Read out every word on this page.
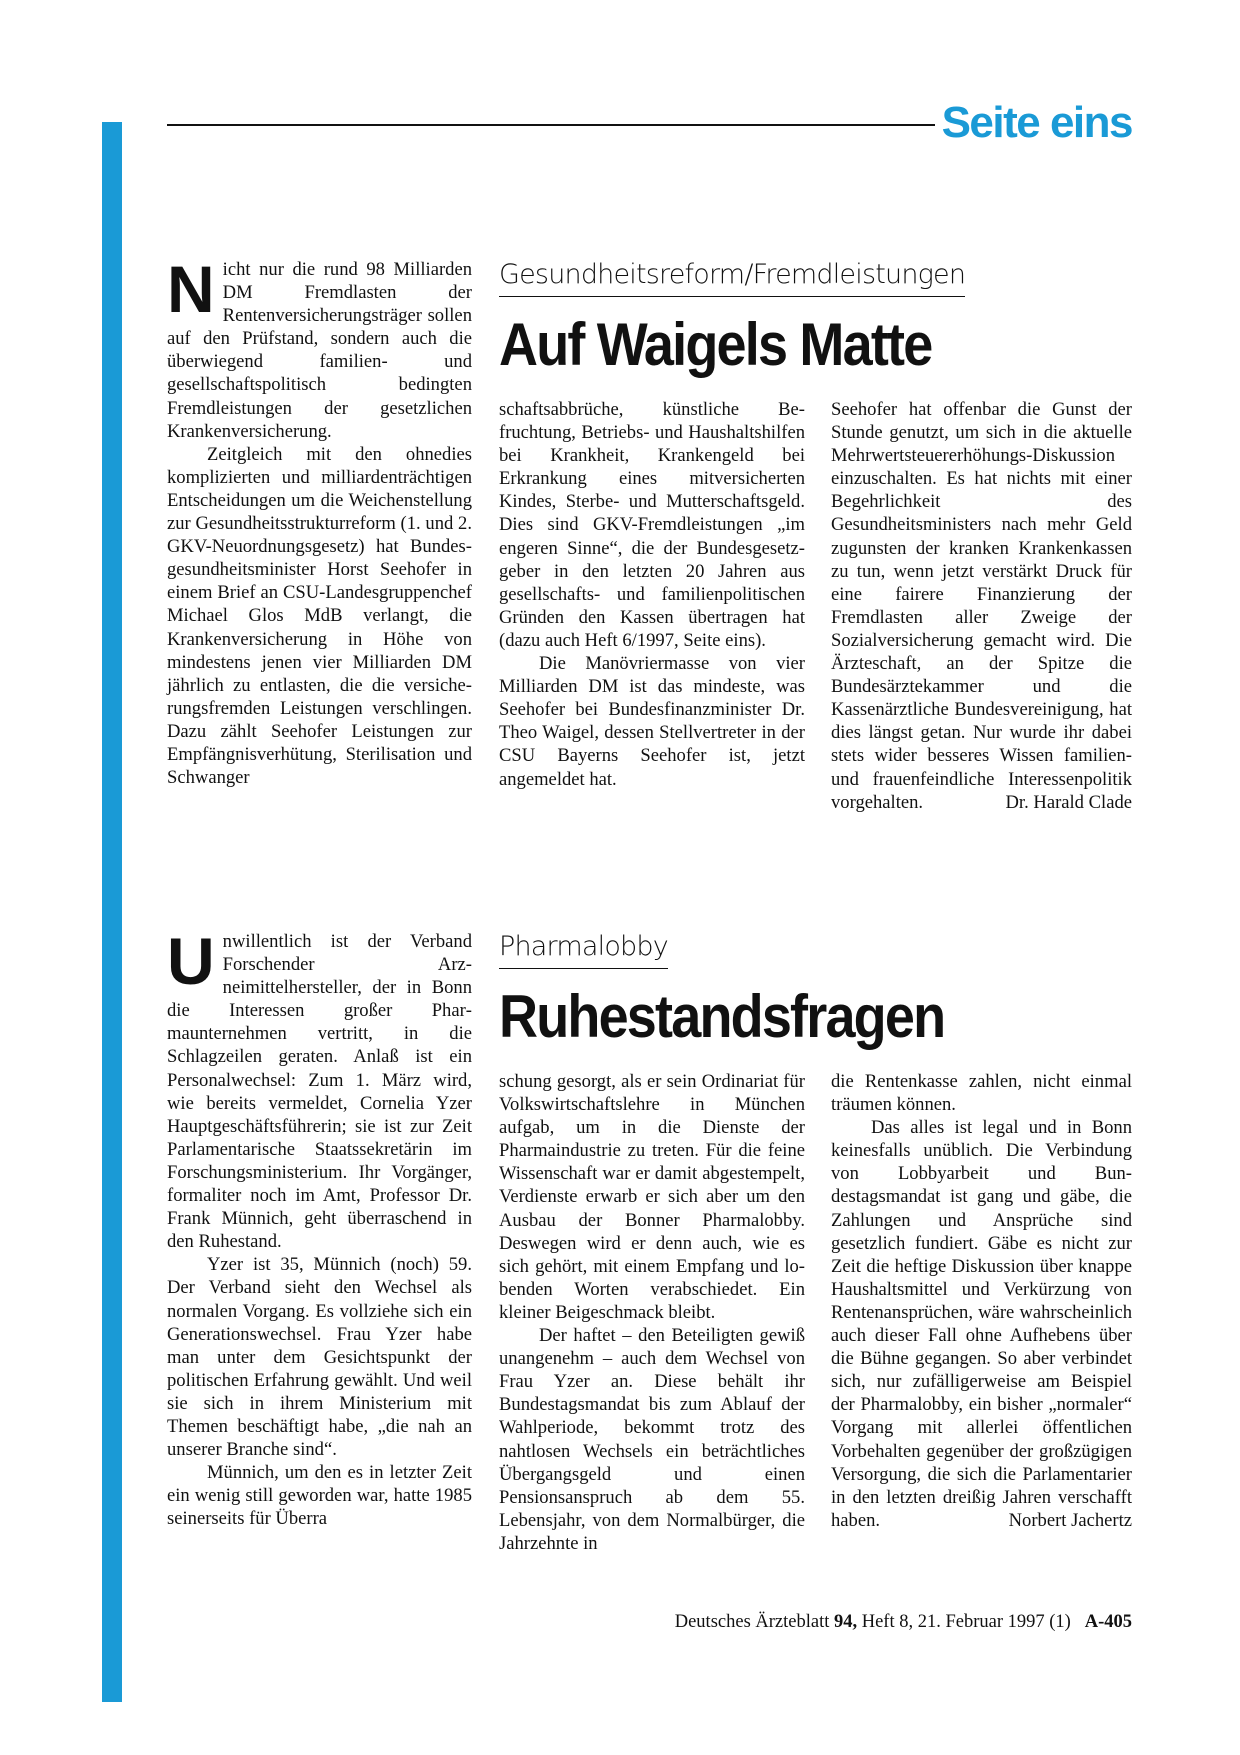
Seite eins

Nicht nur die rund 98 Milliarden DM Fremdlasten der Rentenversicherungsträger sollen auf den Prüfstand, sondern auch die überwiegend familien- und gesellschaftspolitisch bedingten Fremdleistungen der gesetzlichen Krankenversicherung.

Zeitgleich mit den ohnedies komplizierten und milliardenträchtigen Entscheidungen um die Weichenstellung zur Gesundheitsstrukturreform (1. und 2. GKV-Neuordnungsgesetz) hat Bundesgesundheitsminister Horst Seehofer in einem Brief an CSU-Landesgruppenchef Michael Glos MdB verlangt, die Krankenversicherung in Höhe von mindestens jenen vier Milliarden DM jährlich zu entlasten, die die versicherungsfremden Leistungen verschlingen. Dazu zählt Seehofer Leistungen zur Empfängnisverhütung, Sterilisation und Schwanger

Gesundheitsreform/Fremdleistungen
Auf Waigels Matte

schaftsabbrüche, künstliche Befruchtung, Betriebs- und Haushaltshilfen bei Krankheit, Krankengeld bei Erkrankung eines mitversicherten Kindes, Sterbe- und Mutterschaftsgeld. Dies sind GKV-Fremdleistungen „im engeren Sinne“, die der Bundesgesetzgeber in den letzten 20 Jahren aus gesellschafts- und familienpolitischen Gründen den Kassen übertragen hat (dazu auch Heft 6/1997, Seite eins).

Die Manövriermasse von vier Milliarden DM ist das mindeste, was Seehofer bei Bundesfinanzminister Dr. Theo Waigel, dessen Stellvertreter in der CSU Bayerns Seehofer ist, jetzt angemeldet hat.

Seehofer hat offenbar die Gunst der Stunde genutzt, um sich in die aktuelle Mehrwertsteuererhöhungs-Diskussion einzuschalten. Es hat nichts mit einer Begehrlichkeit des Gesundheitsministers nach mehr Geld zugunsten der kranken Krankenkassen zu tun, wenn jetzt verstärkt Druck für eine fairere Finanzierung der Fremdlasten aller Zweige der Sozialversicherung gemacht wird. Die Ärzteschaft, an der Spitze die Bundesärztekammer und die Kassenärztliche Bundesvereinigung, hat dies längst getan. Nur wurde ihr dabei stets wider besseres Wissen familien- und frauenfeindliche Interessenpolitik vorgehalten.	Dr. Harald Clade

Unwillentlich ist der Verband Forschender Arzneimittelhersteller, der in Bonn die Interessen großer Pharmaunternehmen vertritt, in die Schlagzeilen geraten. Anlaß ist ein Personalwechsel: Zum 1. März wird, wie bereits vermeldet, Cornelia Yzer Hauptgeschäftsführerin; sie ist zur Zeit Parlamentarische Staatssekretärin im Forschungsministerium. Ihr Vorgänger, formaliter noch im Amt, Professor Dr. Frank Münnich, geht überraschend in den Ruhestand.

Yzer ist 35, Münnich (noch) 59. Der Verband sieht den Wechsel als normalen Vorgang. Es vollziehe sich ein Generationswechsel. Frau Yzer habe man unter dem Gesichtspunkt der politischen Erfahrung gewählt. Und weil sie sich in ihrem Ministerium mit Themen beschäftigt habe, „die nah an unserer Branche sind“.

Münnich, um den es in letzter Zeit ein wenig still geworden war, hatte 1985 seinerseits für Überra

Pharmalobby
Ruhestandsfragen

schung gesorgt, als er sein Ordinariat für Volkswirtschaftslehre in München aufgab, um in die Dienste der Pharmaindustrie zu treten. Für die feine Wissenschaft war er damit abgestempelt, Verdienste erwarb er sich aber um den Ausbau der Bonner Pharmalobby. Deswegen wird er denn auch, wie es sich gehört, mit einem Empfang und lobenden Worten verabschiedet. Ein kleiner Beigeschmack bleibt.

Der haftet – den Beteiligten gewiß unangenehm – auch dem Wechsel von Frau Yzer an. Diese behält ihr Bundestagsmandat bis zum Ablauf der Wahlperiode, bekommt trotz des nahtlosen Wechsels ein beträchtliches Übergangsgeld und einen Pensionsanspruch ab dem 55. Lebensjahr, von dem Normalbürger, die Jahrzehnte in

die Rentenkasse zahlen, nicht einmal träumen können.

Das alles ist legal und in Bonn keinesfalls unüblich. Die Verbindung von Lobbyarbeit und Bundestagsmandat ist gang und gäbe, die Zahlungen und Ansprüche sind gesetzlich fundiert. Gäbe es nicht zur Zeit die heftige Diskussion über knappe Haushaltsmittel und Verkürzung von Rentenansprüchen, wäre wahrscheinlich auch dieser Fall ohne Aufhebens über die Bühne gegangen. So aber verbindet sich, nur zufälligerweise am Beispiel der Pharmalobby, ein bisher „normaler“ Vorgang mit allerlei öffentlichen Vorbehalten gegenüber der großzügigen Versorgung, die sich die Parlamentarier in den letzten dreißig Jahren verschafft haben.	Norbert Jachertz

Deutsches Ärzteblatt 94, Heft 8, 21. Februar 1997 (1) A-405
